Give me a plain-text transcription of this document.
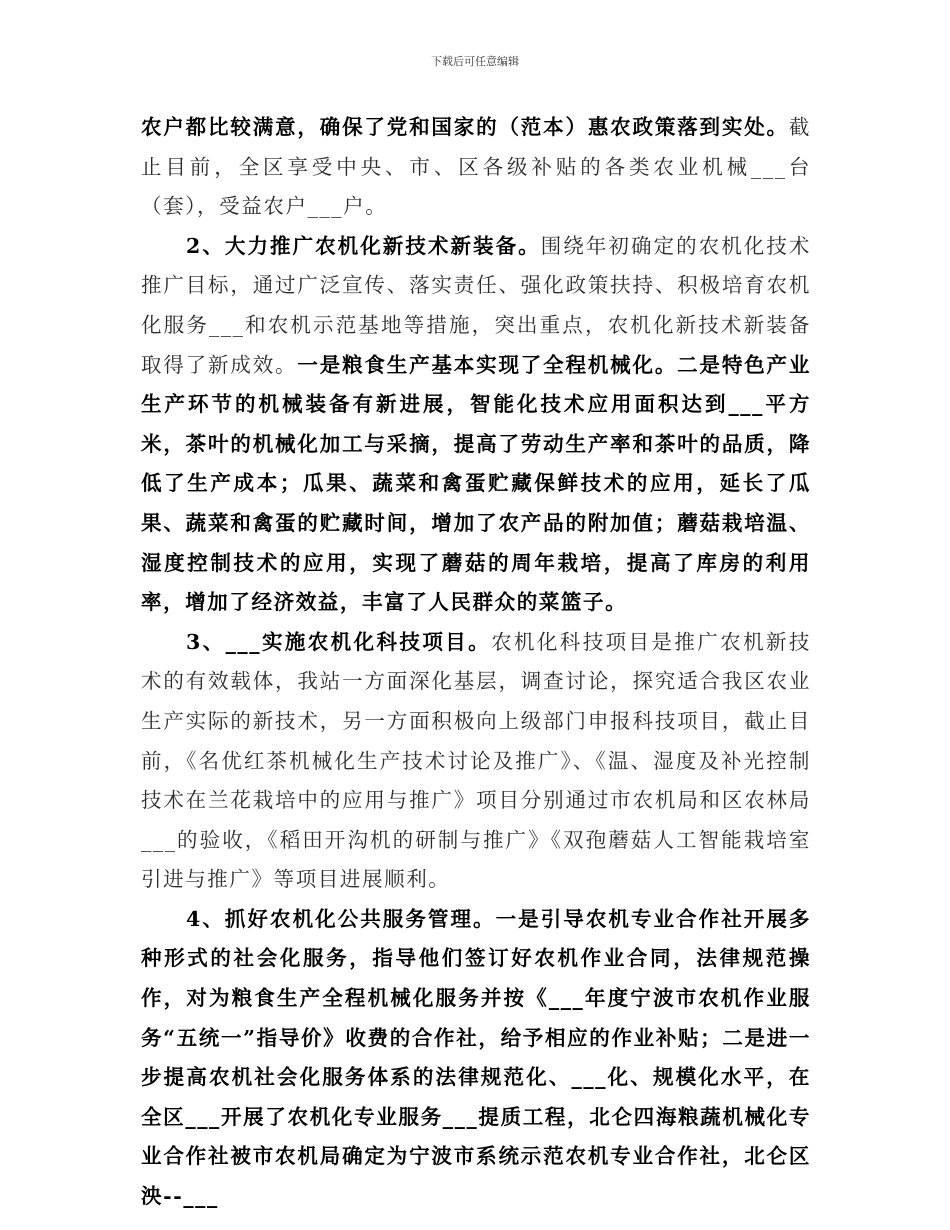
下载后可任意编辑

农户都比较满意，确保了党和国家的（范本）惠农政策落到实处。截止目前，全区享受中央、市、区各级补贴的各类农业机械___台（套），受益农户___户。

2、大力推广农机化新技术新装备。围绕年初确定的农机化技术推广目标，通过广泛宣传、落实责任、强化政策扶持、积极培育农机化服务___和农机示范基地等措施，突出重点，农机化新技术新装备取得了新成效。一是粮食生产基本实现了全程机械化。二是特色产业生产环节的机械装备有新进展，智能化技术应用面积达到___平方米，茶叶的机械化加工与采摘，提高了劳动生产率和茶叶的品质，降低了生产成本；瓜果、蔬菜和禽蛋贮藏保鲜技术的应用，延长了瓜果、蔬菜和禽蛋的贮藏时间，增加了农产品的附加值；蘑菇栽培温、湿度控制技术的应用，实现了蘑菇的周年栽培，提高了库房的利用率，增加了经济效益，丰富了人民群众的菜篮子。

3、___实施农机化科技项目。农机化科技项目是推广农机新技术的有效载体，我站一方面深化基层，调查讨论，探究适合我区农业生产实际的新技术，另一方面积极向上级部门申报科技项目，截止目前，《名优红茶机械化生产技术讨论及推广》、《温、湿度及补光控制技术在兰花栽培中的应用与推广》项目分别通过市农机局和区农林局___的验收，《稻田开沟机的研制与推广》《双孢蘑菇人工智能栽培室引进与推广》等项目进展顺利。

4、抓好农机化公共服务管理。一是引导农机专业合作社开展多种形式的社会化服务，指导他们签订好农机作业合同，法律规范操作，对为粮食生产全程机械化服务并按《___年度宁波市农机作业服务“五统一”指导价》收费的合作社，给予相应的作业补贴；二是进一步提高农机社会化服务体系的法律规范化、___化、规模化水平，在全区___开展了农机化专业服务___提质工程，北仑四海粮蔬机械化专业合作社被市农机局确定为宁波市系统示范农机专业合作社，北仑区泱--___
